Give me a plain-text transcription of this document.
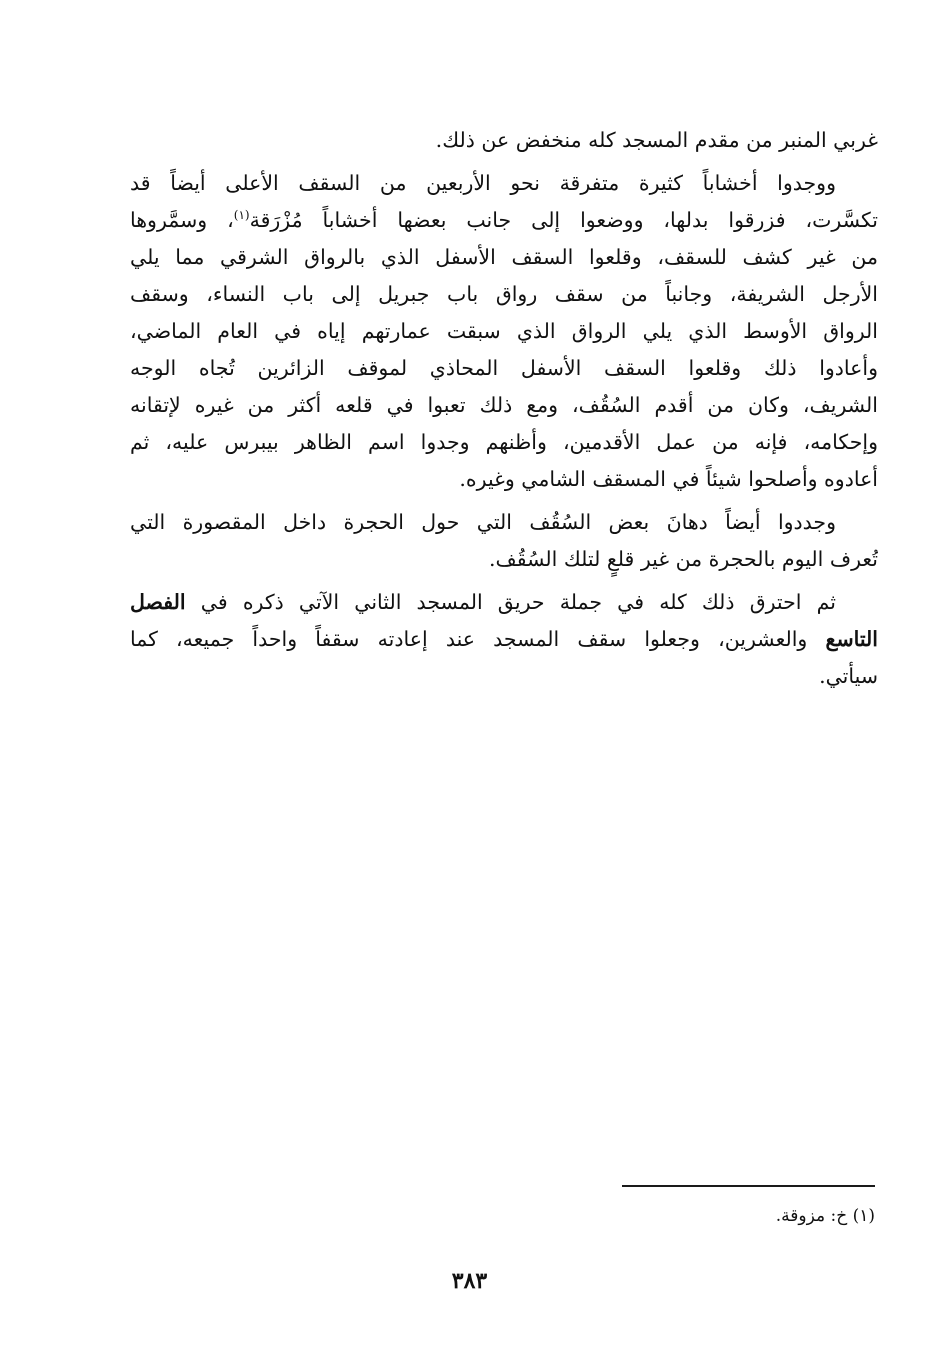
غربي المنبر من مقدم المسجد كله منخفض عن ذلك.
ووجدوا أخشاباً كثيرة متفرقة نحو الأربعين من السقف الأعلى أيضاً قد
تكسَّرت، فزرقوا بدلها، ووضعوا إلى جانب بعضها أخشاباً مُزْرَقة$^{(١)}$، وسمَّروها
من غير كشف للسقف، وقلعوا السقف الأسفل الذي بالرواق الشرقي مما يلي
الأرجل الشريفة، وجانباً من سقف رواق باب جبريل إلى باب النساء، وسقف
الرواق الأوسط الذي يلي الرواق الذي سبقت عمارتهم إياه في العام الماضي،
وأعادوا ذلك وقلعوا السقف الأسفل المحاذي لموقف الزائرين تُجاه الوجه
الشريف، وكان من أقدم السُقُف، ومع ذلك تعبوا في قلعه أكثر من غيره لإتقانه
وإحكامه، فإنه من عمل الأقدمين، وأظنهم وجدوا اسم الظاهر بيبرس عليه، ثم
أعادوه وأصلحوا شيئاً في المسقف الشامي وغيره.
وجددوا أيضاً دهانَ بعض السُقُف التي حول الحجرة داخل المقصورة التي
تُعرف اليوم بالحجرة من غير قلعٍ لتلك السُقُف.
ثم احترق ذلك كله في جملة حريق المسجد الثاني الآتي ذكره في الفصل
التاسع والعشرين، وجعلوا سقف المسجد عند إعادته سقفاً واحداً جميعه، كما
سيأتي.
(١) خ: مزوقة.
٣٨٣
